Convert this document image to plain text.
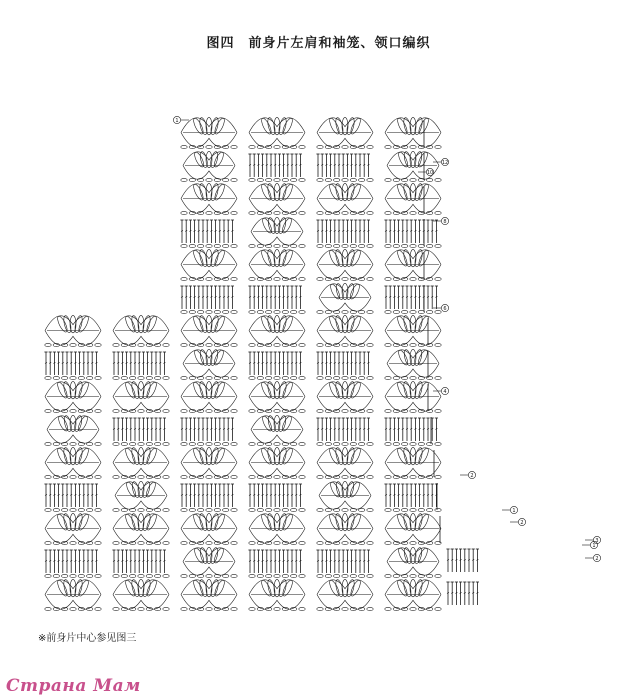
图四　前身片左肩和袖笼、领口编织
12
10
8
6
4
2
1
2
3
1
2
1
※前身片中心参见图三
Страна Мам
